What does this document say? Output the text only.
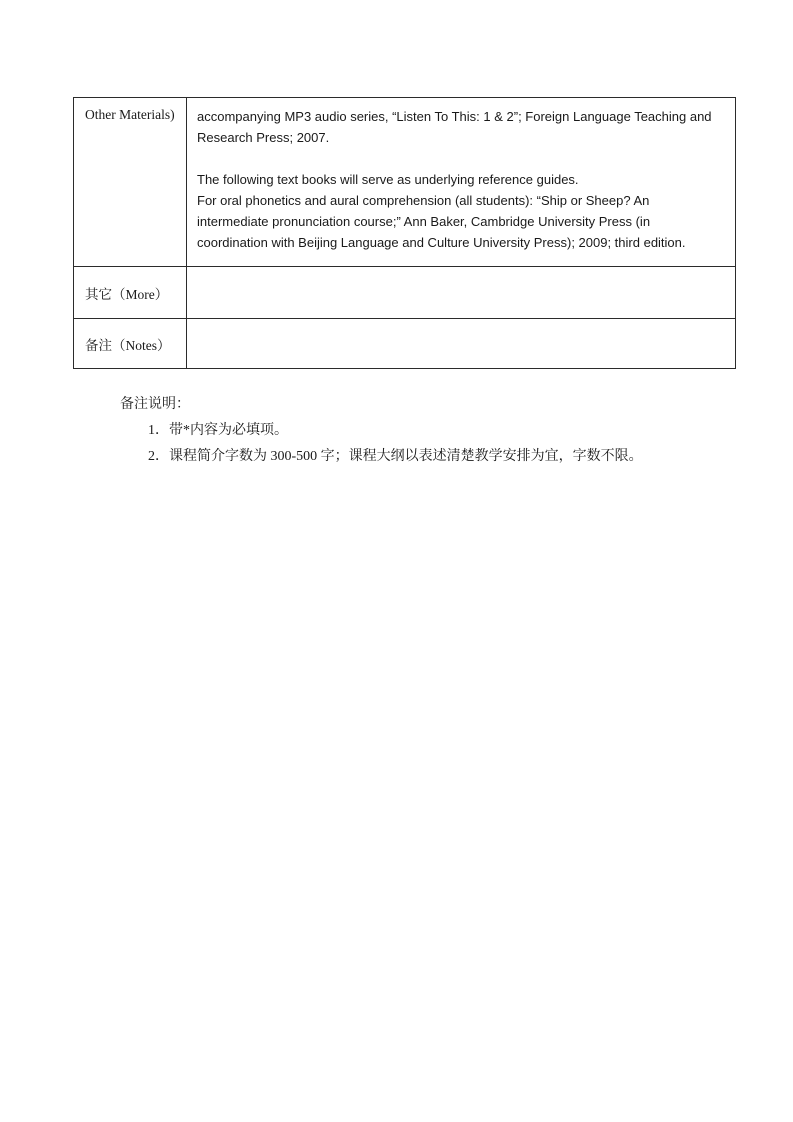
Other Materials)	accompanying MP3 audio series, “Listen To This: 1 & 2”; Foreign Language Teaching and Research Press; 2007.

The following text books will serve as underlying reference guides.

For oral phonetics and aural comprehension (all students): “Ship or Sheep? An intermediate pronunciation course;” Ann Baker, Cambridge University Press (in coordination with Beijing Language and Culture University Press); 2009; third edition.

其它（More）
备注（Notes）
备注说明：
1．带*内容为必填项。
2．课程简介字数为 300-500 字；课程大纲以表述清楚教学安排为宜，字数不限。
